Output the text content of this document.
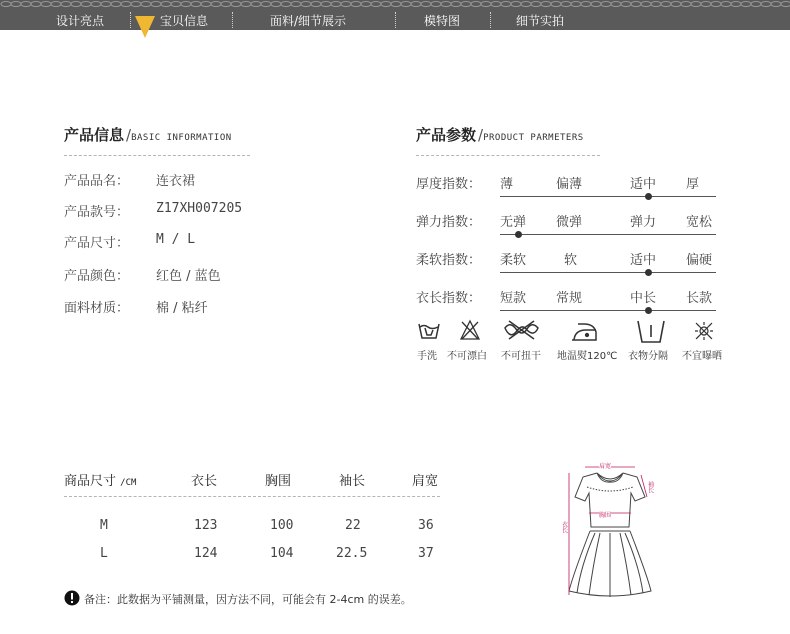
设计亮点	宝贝信息	面料/细节展示	模特图	细节实拍
产品信息 /BASIC INFORMATION
产品品名： 连衣裙
产品款号： Z17XH007205
产品尺寸： M / L
产品颜色： 红色 / 蓝色
面料材质： 棉 / 粘纤
产品参数 /PRODUCT PARMETERS
厚度指数： 薄	偏薄	适中 厚
弹力指数： 无弹 微弹	弹力 宽松
柔软指数： 柔软	软	适中 偏硬
衣长指数： 短款 常规	中长 长款
手洗 不可漂白 不可扭干 地温熨120℃ 衣物分隔 不宜曝晒
商品尺寸 /CM	衣长	胸围	袖长	肩宽
M	123	100	22	36
L	124	104	22.5	37
备注：此数据为平铺测量，因方法不同，可能会有 2-4cm 的误差。
肩宽
袖长
胸围
衣长
